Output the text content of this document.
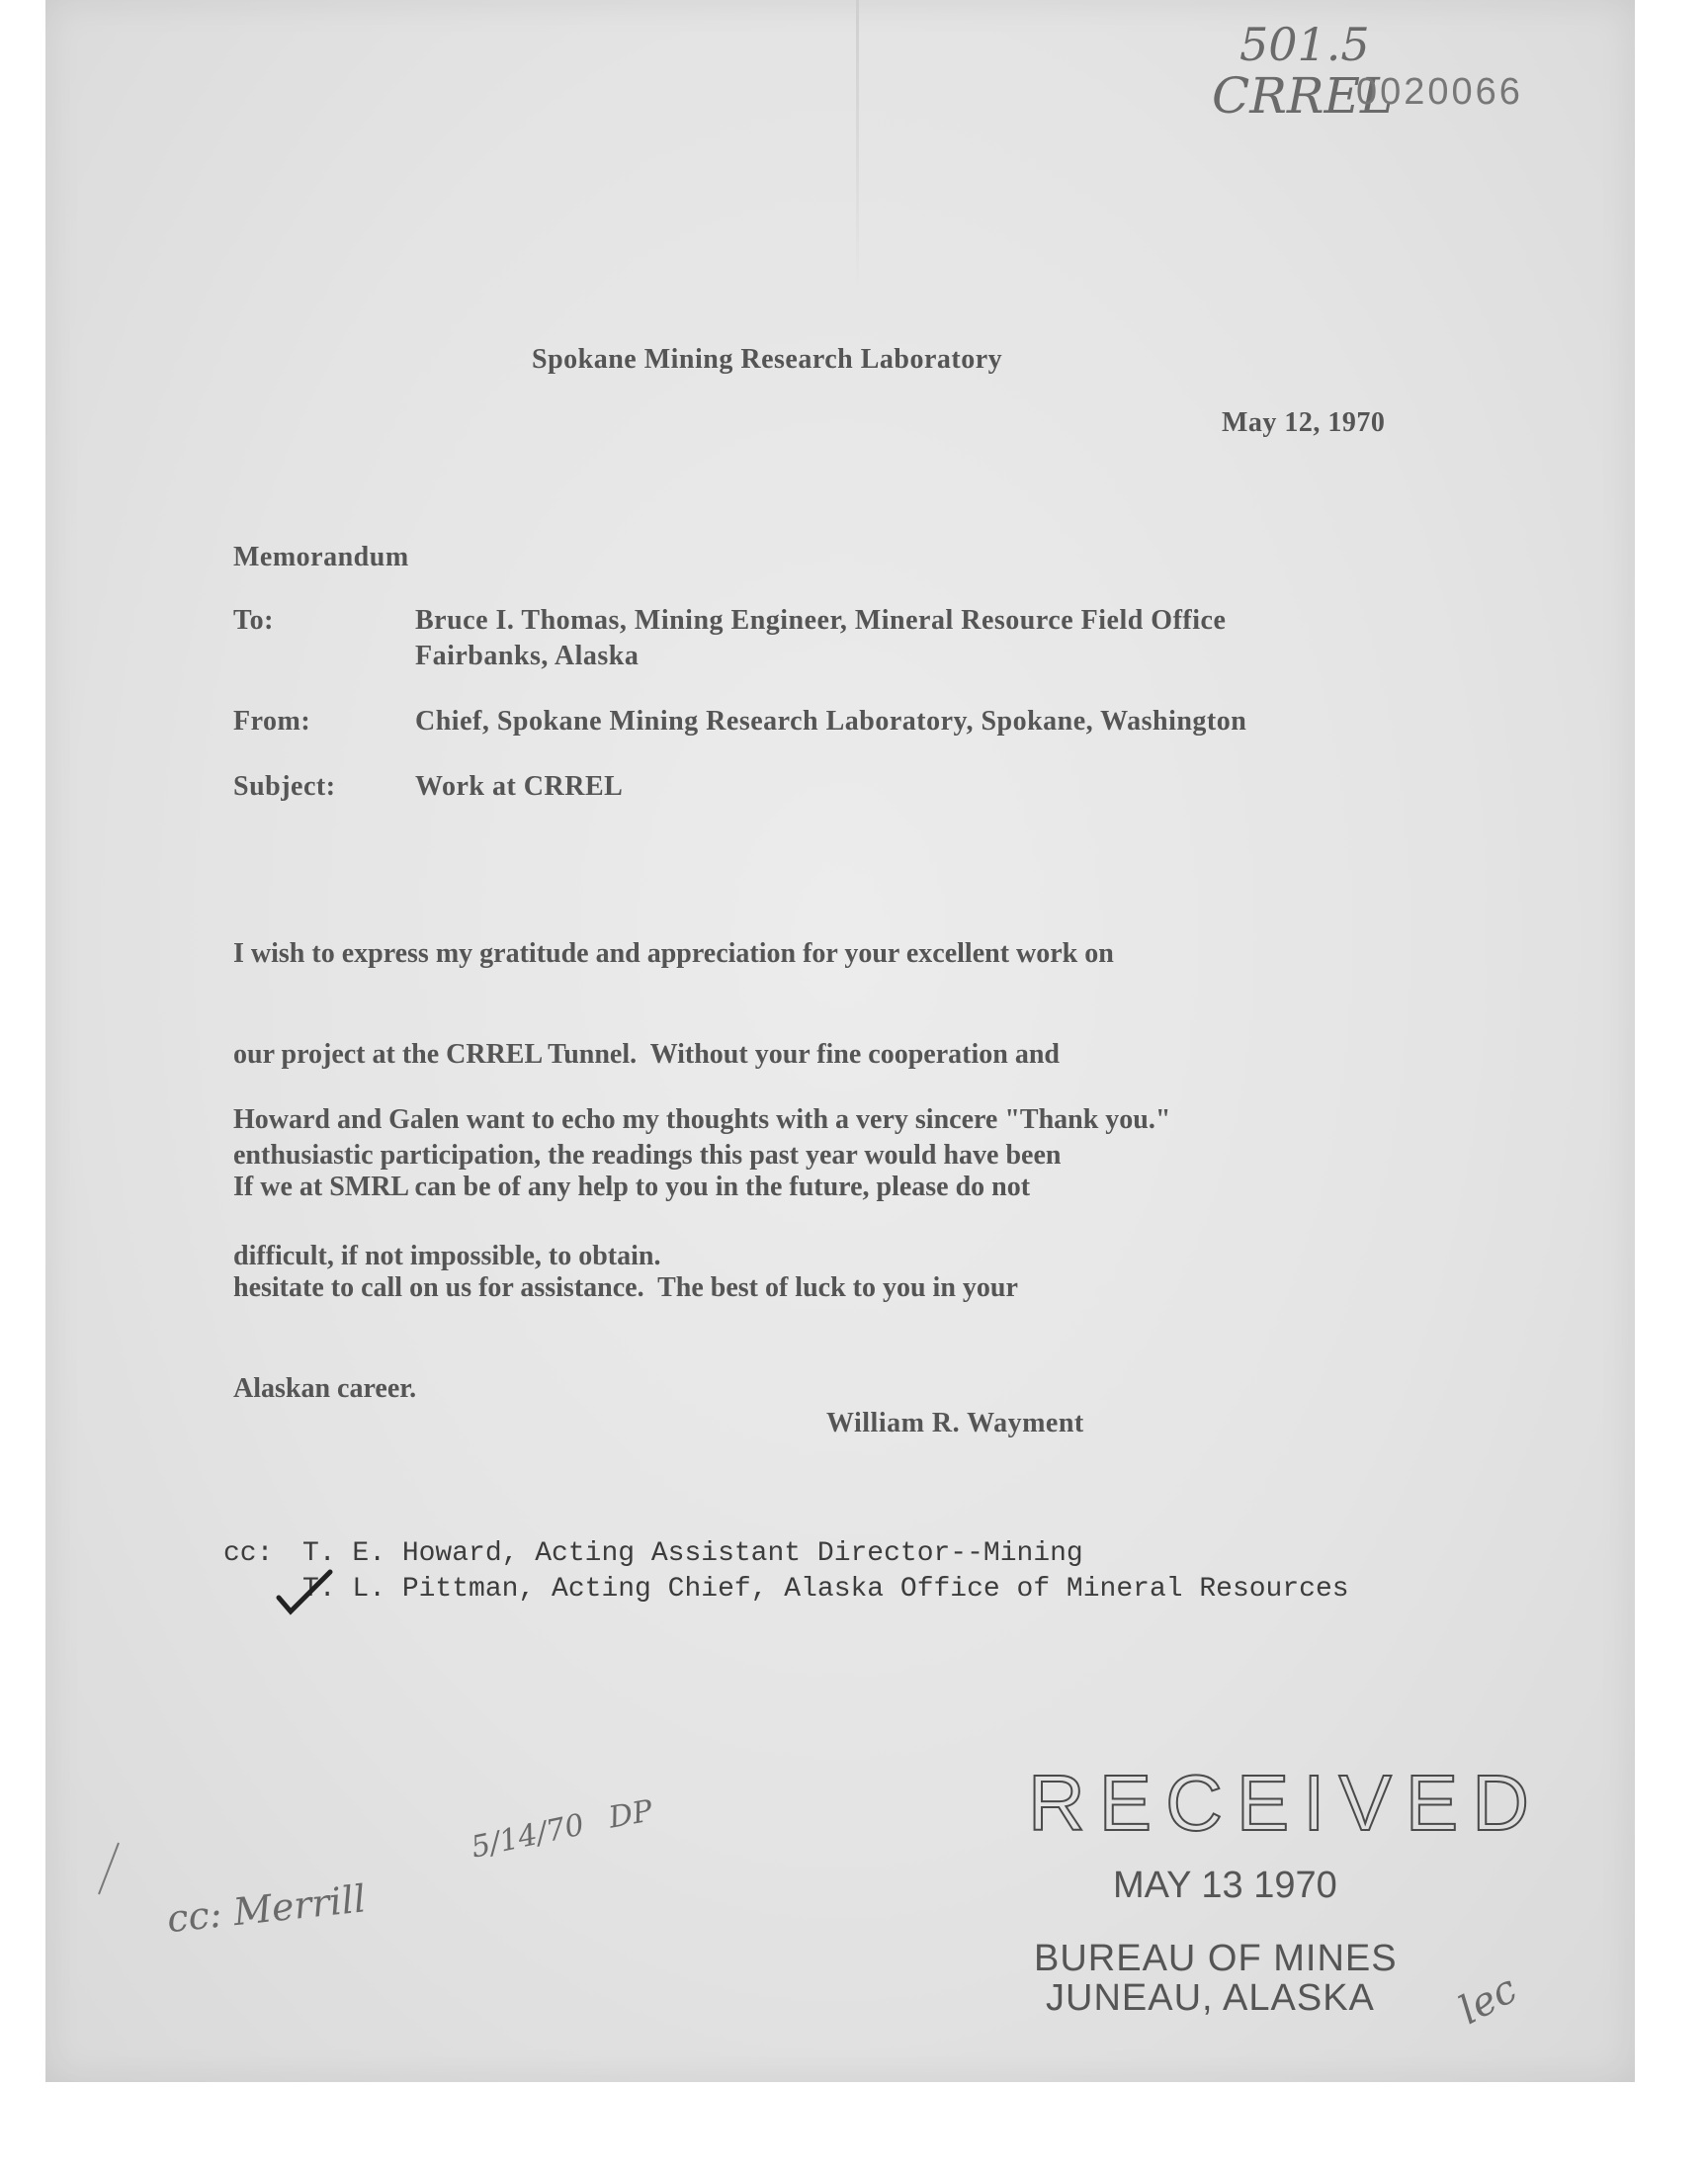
501.5
CRREL
0020066
Spokane Mining Research Laboratory
May 12, 1970
Memorandum
To:	Bruce I. Thomas, Mining Engineer, Mineral Resource Field Office
Fairbanks, Alaska
From:	Chief, Spokane Mining Research Laboratory, Spokane, Washington
Subject:	Work at CRREL

I wish to express my gratitude and appreciation for your excellent work on

our project at the CRREL Tunnel.  Without your fine cooperation and

enthusiastic participation, the readings this past year would have been

difficult, if not impossible, to obtain.

Howard and Galen want to echo my thoughts with a very sincere "Thank you."

If we at SMRL can be of any help to you in the future, please do not

hesitate to call on us for assistance.  The best of luck to you in your

Alaskan career.

William R. Wayment
cc: T. E. Howard, Acting Assistant Director--Mining
T. L. Pittman, Acting Chief, Alaska Office of Mineral Resources

cc: Merrill

5/14/70 DP	RECEIVED
MAY 13 1970
BUREAU OF MINES
JUNEAU, ALASKA lec
